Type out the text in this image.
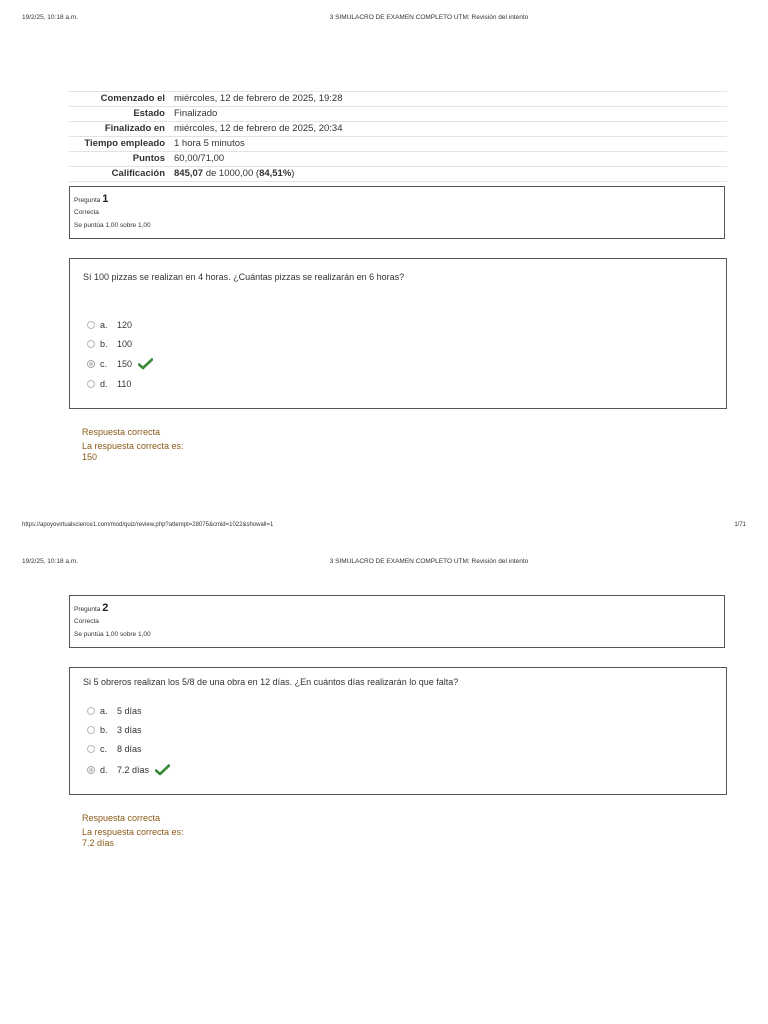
19/2/25, 10:18 a.m.	3 SIMULACRO DE EXAMEN COMPLETO UTM: Revisión del intento
Comenzado el	miércoles, 12 de febrero de 2025, 19:28
Estado	Finalizado
Finalizado en	miércoles, 12 de febrero de 2025, 20:34
Tiempo empleado	1 hora 5 minutos
Puntos	60,00/71,00
Calificación	845,07 de 1000,00 (84,51%)
Pregunta 1
Correcta
Se puntúa 1,00 sobre 1,00
Sí 100 pizzas se realizan en 4 horas. ¿Cuántas pizzas se realizarán en 6 horas?
a. 120
b. 100
c. 150
d. 110
Respuesta correcta
La respuesta correcta es:
150
https://apoyovirtualscience1.com/mod/quiz/review.php?attempt=28075&cmid=1022&showall=1	1/71
19/2/25, 10:18 a.m.	3 SIMULACRO DE EXAMEN COMPLETO UTM: Revisión del intento
Pregunta 2
Correcta
Se puntúa 1,00 sobre 1,00
Si 5 obreros realizan los 5/8 de una obra en 12 días. ¿En cuántos días realizarán lo que falta?
a. 5 días
b. 3 días
c. 8 días
d. 7.2 días
Respuesta correcta
La respuesta correcta es:
7.2 días
